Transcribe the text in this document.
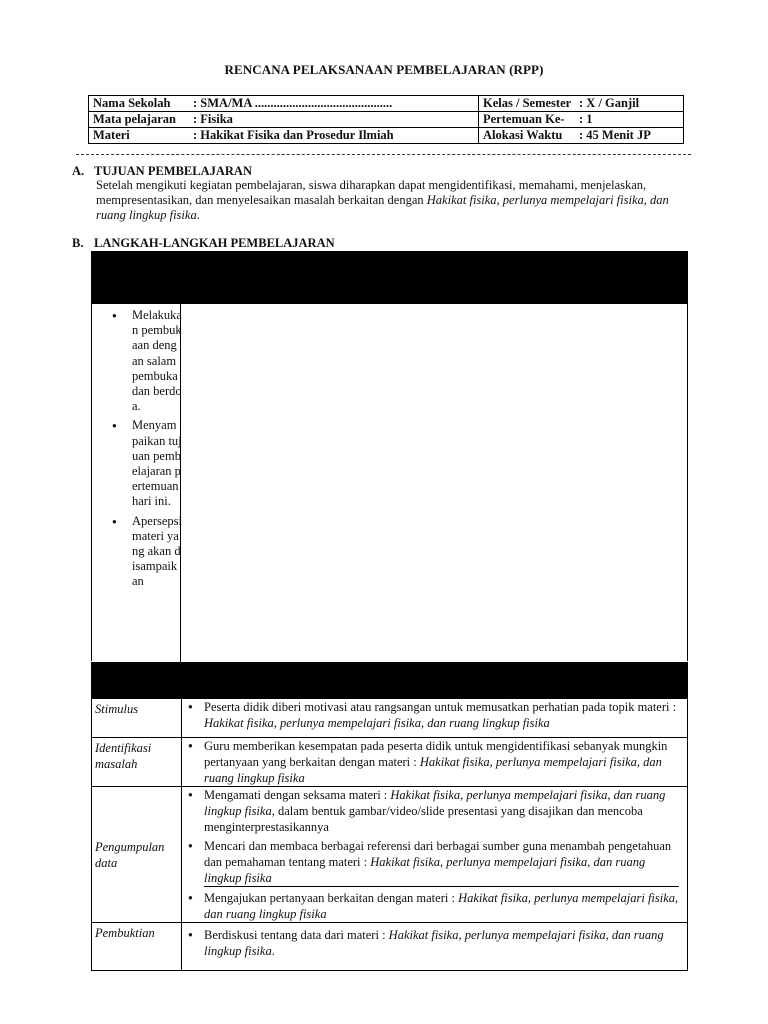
RENCANA PELAKSANAAN PEMBELAJARAN (RPP)
Nama Sekolah : SMA/MA ............................................	Kelas / Semester : X / Ganjil
Mata pelajaran : Fisika	Pertemuan Ke- : 1
Materi : Hakikat Fisika dan Prosedur Ilmiah	Alokasi Waktu : 45 Menit JP
A. TUJUAN PEMBELAJARAN
Setelah mengikuti kegiatan pembelajaran, siswa diharapkan dapat mengidentifikasi, memahami, menjelaskan, mempresentasikan, dan menyelesaikan masalah berkaitan dengan Hakikat fisika, perlunya mempelajari fisika, dan ruang lingkup fisika.
B. LANGKAH-LANGKAH PEMBELAJARAN
● Melakukan pembukaan dengan salam pembuka dan berdoa.
● Menyampaikan tujuan pembelajaran pertemuan hari ini.
● Apersepsi materi yang akan disampaikan
Stimulus	● Peserta didik diberi motivasi atau rangsangan untuk memusatkan perhatian pada topik materi : Hakikat fisika, perlunya mempelajari fisika, dan ruang lingkup fisika

Identifikasi masalah	● Guru memberikan kesempatan pada peserta didik untuk mengidentifikasi sebanyak mungkin pertanyaan yang berkaitan dengan materi : Hakikat fisika, perlunya mempelajari fisika, dan ruang lingkup fisika

Pengumpulan data	● Mengamati dengan seksama materi : Hakikat fisika, perlunya mempelajari fisika, dan ruang lingkup fisika, dalam bentuk gambar/video/slide presentasi yang disajikan dan mencoba menginterprestasikannya
● Mencari dan membaca berbagai referensi dari berbagai sumber guna menambah pengetahuan dan pemahaman tentang materi : Hakikat fisika, perlunya mempelajari fisika, dan ruang lingkup fisika
● Mengajukan pertanyaan berkaitan dengan materi : Hakikat fisika, perlunya mempelajari fisika, dan ruang lingkup fisika

Pembuktian	● Berdiskusi tentang data dari materi : Hakikat fisika, perlunya mempelajari fisika, dan ruang lingkup fisika.
